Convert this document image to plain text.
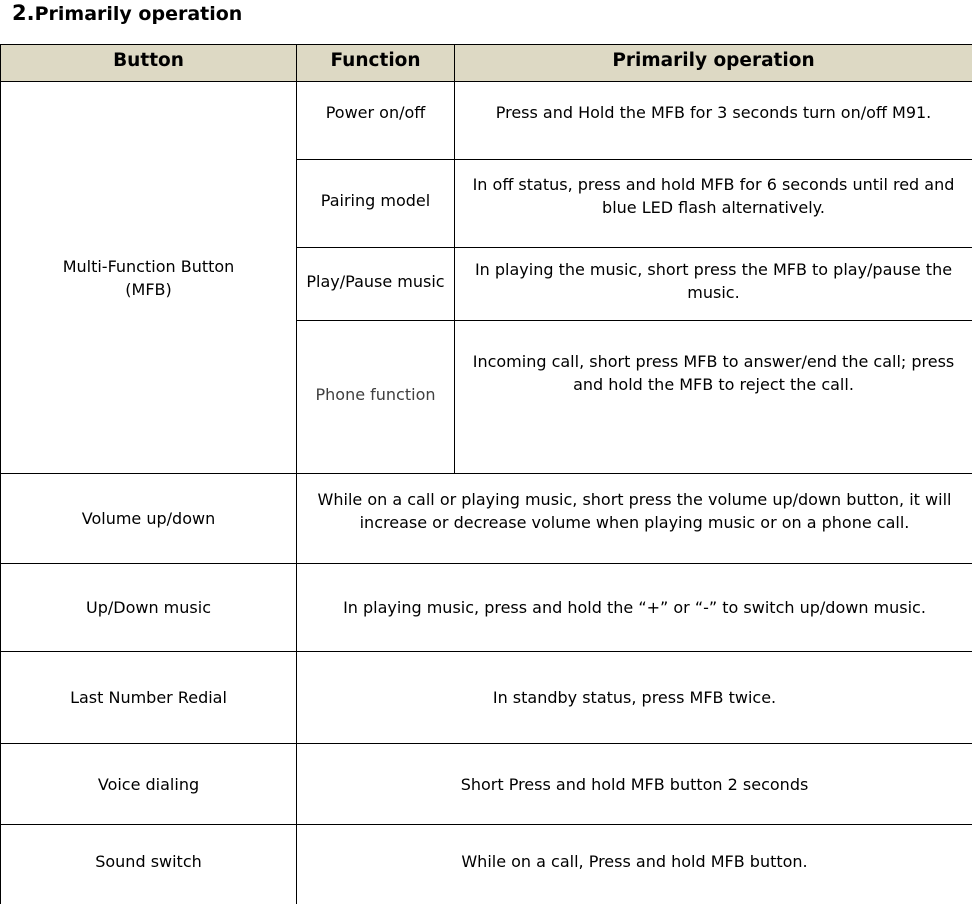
2.Primarily operation
Button	Function	Primarily operation

Multi-Function Button
(MFB)	Power on/off	Press and Hold the MFB for 3 seconds turn on/off M91.
	Pairing model	In off status, press and hold MFB for 6 seconds until red and blue LED flash alternatively.
	Play/Pause music	In playing the music, short press the MFB to play/pause the music.
	Phone function	Incoming call, short press MFB to answer/end the call; press and hold the MFB to reject the call.
Volume up/down	While on a call or playing music, short press the volume up/down button, it will increase or decrease volume when playing music or on a phone call.	
Up/Down music	In playing music, press and hold the “+” or “-” to switch up/down music.	
Last Number Redial	In standby status, press MFB twice.	
Voice dialing	Short Press and hold MFB button 2 seconds	
Sound switch	While on a call, Press and hold MFB button.	
